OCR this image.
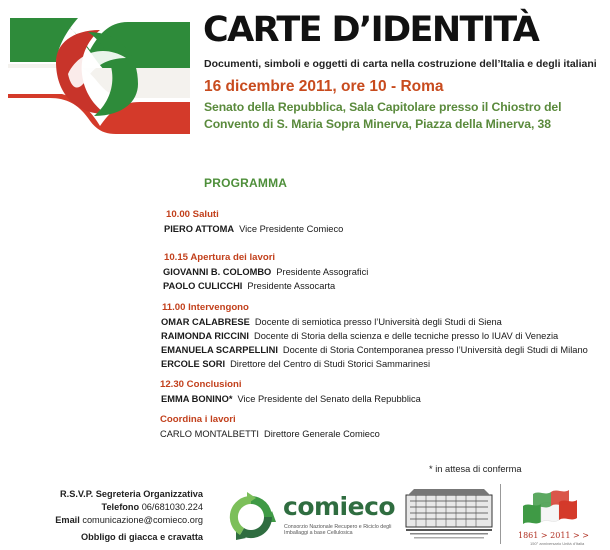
CARTE D’IDENTITÀ
Documenti, simboli e oggetti di carta nella costruzione dell’Italia e degli italiani
16 dicembre 2011, ore 10 - Roma
Senato della Repubblica, Sala Capitolare presso il Chiostro del
Convento di S. Maria Sopra Minerva, Piazza della Minerva, 38
PROGRAMMA
10.00 Saluti
PIERO ATTOMA Vice Presidente Comieco
10.15 Apertura dei lavori
GIOVANNI B. COLOMBO Presidente Assografici
PAOLO CULICCHI Presidente Assocarta
11.00 Intervengono
OMAR CALABRESE Docente di semiotica presso l’Università degli Studi di Siena
RAIMONDA RICCINI Docente di Storia della scienza e delle tecniche presso lo IUAV di Venezia
EMANUELA SCARPELLINI Docente di Storia Contemporanea presso l’Università degli Studi di Milano
ERCOLE SORI Direttore del Centro di Studi Storici Sammarinesi
12.30 Conclusioni
EMMA BONINO* Vice Presidente del Senato della Repubblica
Coordina i lavori
CARLO MONTALBETTI Direttore Generale Comieco
* in attesa di conferma
R.S.V.P. Segreteria Organizzativa
Telefono 06/681030.224
Email comunicazione@comieco.org
Obbligo di giacca e cravatta
comieco
Consorzio Nazionale Recupero e Riciclo degli Imballaggi a base Cellulosica	1861 > 2011 > >
150° anniversario Unità d'Italia
